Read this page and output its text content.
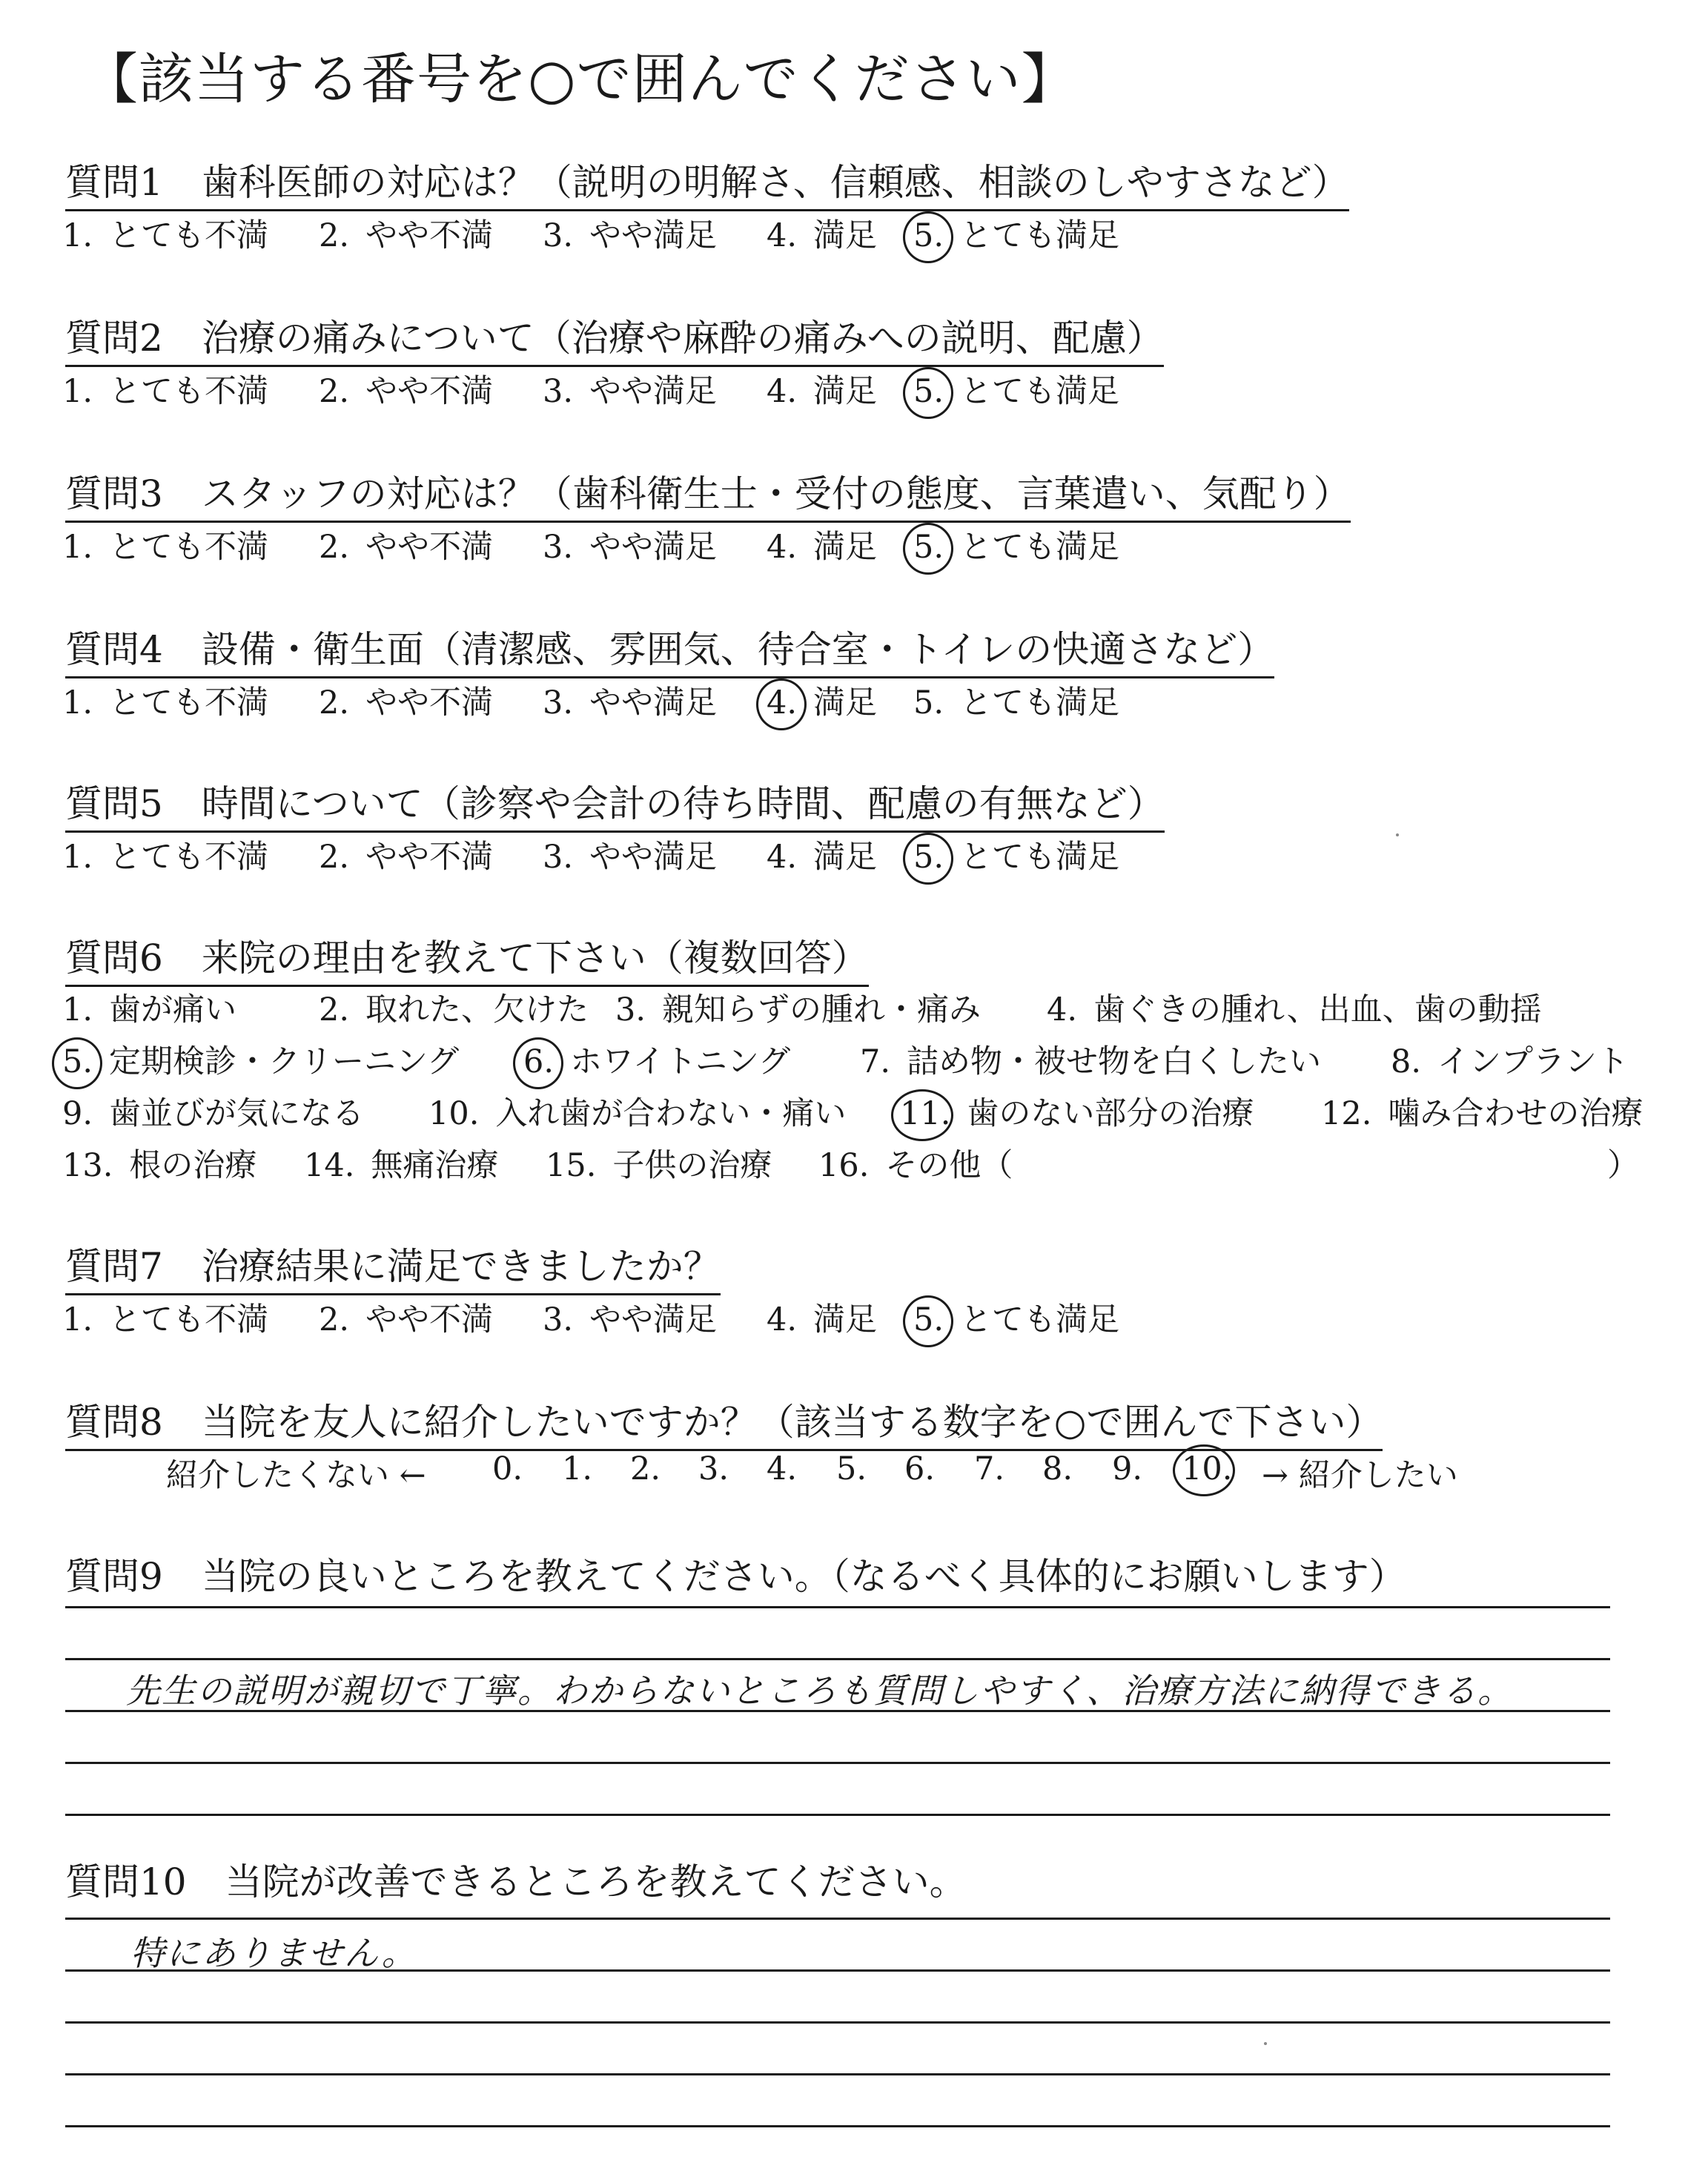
【該当する番号を○で囲んでください】
質問1 歯科医師の対応は？（説明の明解さ、信頼感、相談のしやすさなど）
1. とても不満 2. やや不満 3. やや満足 4. 満足 5. とても満足
質問2 治療の痛みについて（治療や麻酔の痛みへの説明、配慮）
1. とても不満 2. やや不満 3. やや満足 4. 満足 5. とても満足
質問3 スタッフの対応は？（歯科衛生士・受付の態度、言葉遣い、気配り）
1. とても不満 2. やや不満 3. やや満足 4. 満足 5. とても満足
質問4 設備・衛生面（清潔感、雰囲気、待合室・トイレの快適さなど）
1. とても不満 2. やや不満 3. やや満足 4. 満足 5. とても満足
質問5 時間について（診察や会計の待ち時間、配慮の有無など）
1. とても不満 2. やや不満 3. やや満足 4. 満足 5. とても満足
質問6 来院の理由を教えて下さい（複数回答）
1. 歯が痛い	2. 取れた、欠けた 3. 親知らずの腫れ・痛み 4. 歯ぐきの腫れ、出血、歯の動揺
5. 定期検診・クリーニング 6. ホワイトニング 7. 詰め物・被せ物を白くしたい 8. インプラント
9. 歯並びが気になる 10. 入れ歯が合わない・痛い 11. 歯のない部分の治療 12. 噛み合わせの治療
13. 根の治療 14. 無痛治療 15. 子供の治療 16. その他（	）
質問7 治療結果に満足できましたか？
1. とても不満 2. やや不満 3. やや満足 4. 満足 5. とても満足
質問8 当院を友人に紹介したいですか？（該当する数字を○で囲んで下さい）
紹介したくない ← 0.	1.	2.	3.	4.	5.	6.	7.	8.	9.	10. → 紹介したい
質問9 当院の良いところを教えてください。（なるべく具体的にお願いします）
先生の説明が親切で丁寧。わからないところも質問しやすく、治療方法に納得できる。
質問10 当院が改善できるところを教えてください。
特にありません。
